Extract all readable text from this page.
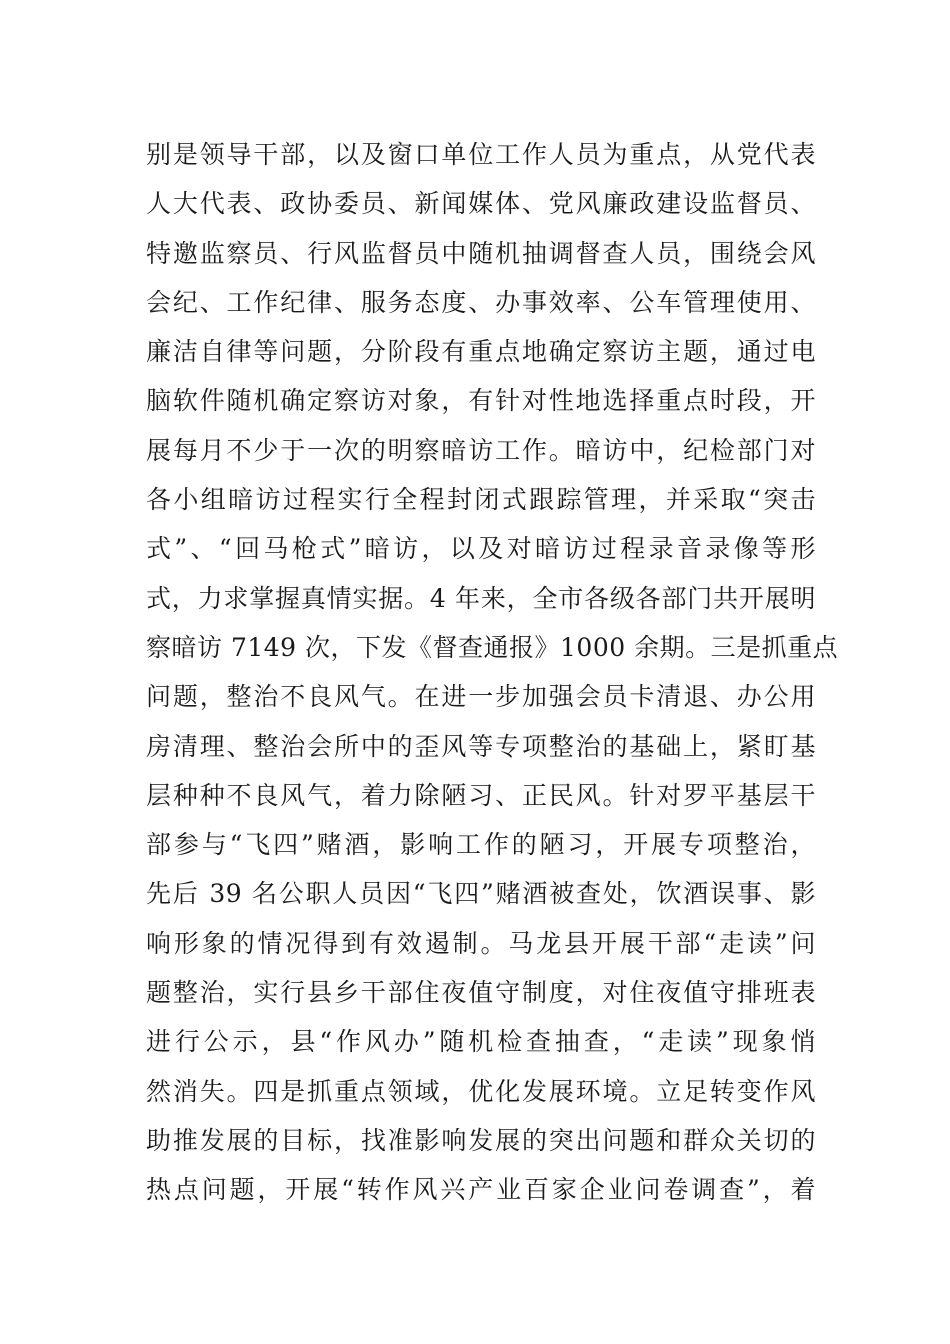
别是领导干部，以及窗口单位工作人员为重点，从党代表
人大代表、政协委员、新闻媒体、党风廉政建设监督员、
特邀监察员、行风监督员中随机抽调督查人员，围绕会风
会纪、工作纪律、服务态度、办事效率、公车管理使用、
廉洁自律等问题，分阶段有重点地确定察访主题，通过电
脑软件随机确定察访对象，有针对性地选择重点时段，开
展每月不少于一次的明察暗访工作。暗访中，纪检部门对
各小组暗访过程实行全程封闭式跟踪管理，并采取“突击
式”、“回马枪式”暗访，以及对暗访过程录音录像等形
式，力求掌握真情实据。4 年来，全市各级各部门共开展明
察暗访 7149 次，下发《督查通报》1000 余期。三是抓重点
问题，整治不良风气。在进一步加强会员卡清退、办公用
房清理、整治会所中的歪风等专项整治的基础上，紧盯基
层种种不良风气，着力除陋习、正民风。针对罗平基层干
部参与“飞四”赌酒，影响工作的陋习，开展专项整治，
先后 39 名公职人员因“飞四”赌酒被查处，饮酒误事、影
响形象的情况得到有效遏制。马龙县开展干部“走读”问
题整治，实行县乡干部住夜值守制度，对住夜值守排班表
进行公示，县“作风办”随机检查抽查，“走读”现象悄
然消失。四是抓重点领域，优化发展环境。立足转变作风
助推发展的目标，找准影响发展的突出问题和群众关切的
热点问题，开展“转作风兴产业百家企业问卷调查”，着
